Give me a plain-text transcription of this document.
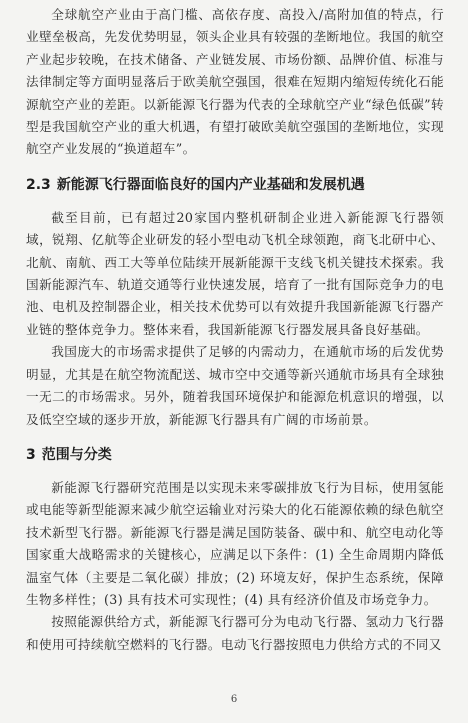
全球航空产业由于高门槛、高依存度、高投入/高附加值的特点，行业壁垒极高，先发优势明显，领头企业具有较强的垄断地位。我国的航空产业起步较晚，在技术储备、产业链发展、市场份额、品牌价值、标准与法律制定等方面明显落后于欧美航空强国，很难在短期内缩短传统化石能源航空产业的差距。以新能源飞行器为代表的全球航空产业“绿色低碳”转型是我国航空产业的重大机遇，有望打破欧美航空强国的垄断地位，实现航空产业发展的“换道超车”。

2.3 新能源飞行器面临良好的国内产业基础和发展机遇

截至目前，已有超过20家国内整机研制企业进入新能源飞行器领域，锐翔、亿航等企业研发的轻小型电动飞机全球领跑，商飞北研中心、北航、南航、西工大等单位陆续开展新能源干支线飞机关键技术探索。我国新能源汽车、轨道交通等行业快速发展，培育了一批有国际竞争力的电池、电机及控制器企业，相关技术优势可以有效提升我国新能源飞行器产业链的整体竞争力。整体来看，我国新能源飞行器发展具备良好基础。

我国庞大的市场需求提供了足够的内需动力，在通航市场的后发优势明显，尤其是在航空物流配送、城市空中交通等新兴通航市场具有全球独一无二的市场需求。另外，随着我国环境保护和能源危机意识的增强，以及低空空域的逐步开放，新能源飞行器具有广阔的市场前景。

3 范围与分类

新能源飞行器研究范围是以实现未来零碳排放飞行为目标，使用氢能或电能等新型能源来减少航空运输业对污染大的化石能源依赖的绿色航空技术新型飞行器。新能源飞行器是满足国防装备、碳中和、航空电动化等国家重大战略需求的关键核心，应满足以下条件：(1) 全生命周期内降低温室气体（主要是二氧化碳）排放；(2) 环境友好，保护生态系统，保障生物多样性；(3) 具有技术可实现性；(4) 具有经济价值及市场竞争力。

按照能源供给方式，新能源飞行器可分为电动飞行器、氢动力飞行器和使用可持续航空燃料的飞行器。电动飞行器按照电力供给方式的不同又

6
